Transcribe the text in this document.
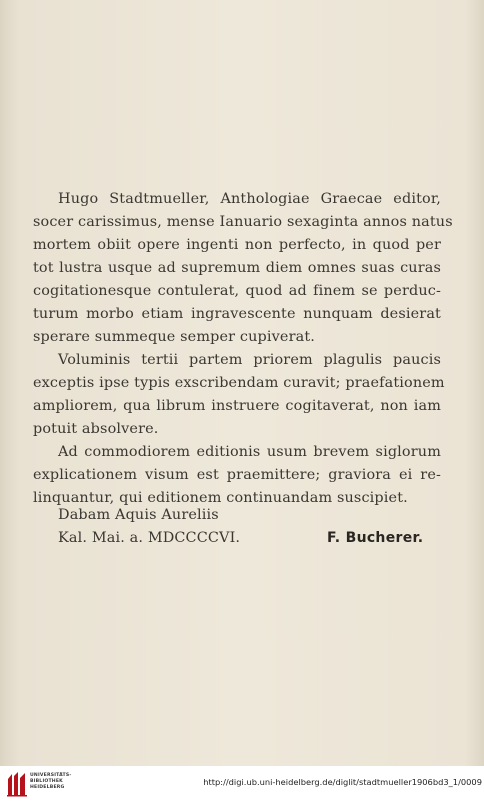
Hugo Stadtmueller, Anthologiae Graecae editor,
socer carissimus, mense Ianuario sexaginta annos natus
mortem obiit opere ingenti non perfecto, in quod per
tot lustra usque ad supremum diem omnes suas curas
cogitationesque contulerat, quod ad finem se perduc-
turum morbo etiam ingravescente nunquam desierat
sperare summeque semper cupiverat.
Voluminis tertii partem priorem plagulis paucis
exceptis ipse typis exscribendam curavit; praefationem
ampliorem, qua librum instruere cogitaverat, non iam
potuit absolvere.
Ad commodiorem editionis usum brevem siglorum
explicationem visum est praemittere; graviora ei re-
linquantur, qui editionem continuandam suscipiet.
Dabam Aquis Aureliis
Kal. Mai. a. MDCCCCVI.	F. Bucherer.
UNIVERSITÄTS-
BIBLIOTHEK
HEIDELBERG
http://digi.ub.uni-heidelberg.de/diglit/stadtmueller1906bd3_1/0009
